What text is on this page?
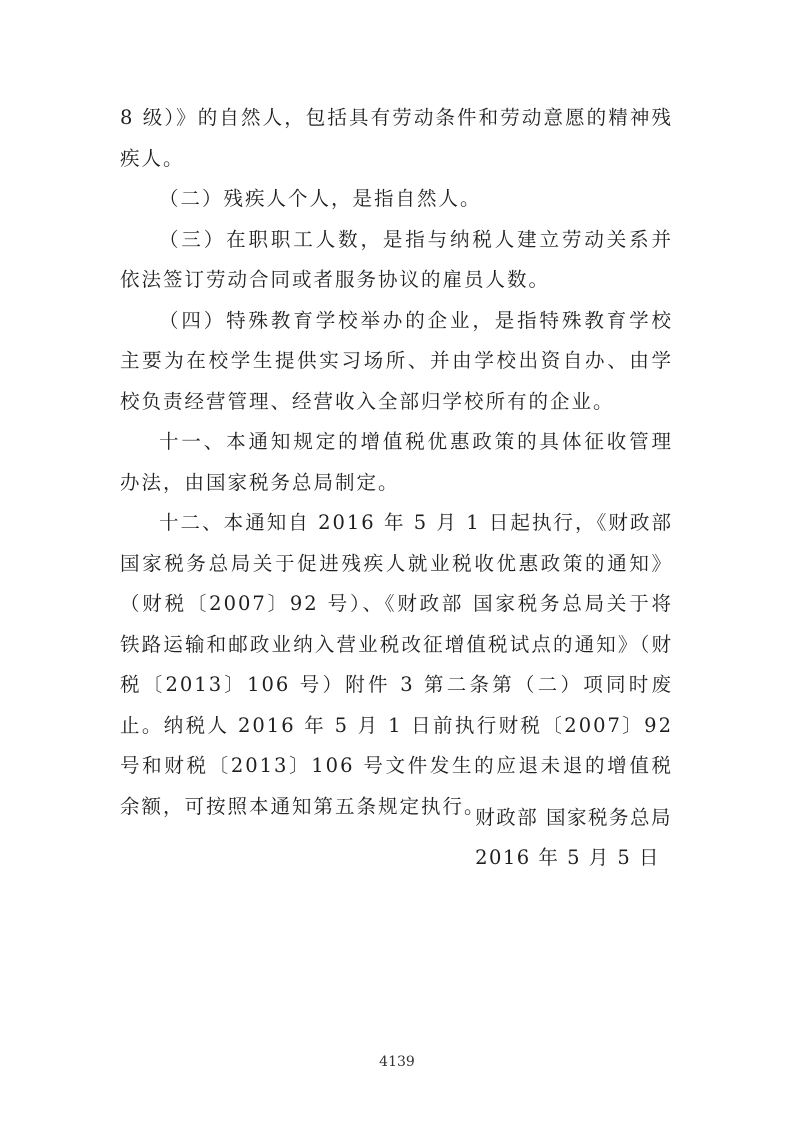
8 级）》的自然人，包括具有劳动条件和劳动意愿的精神残疾人。

（二）残疾人个人，是指自然人。

（三）在职职工人数，是指与纳税人建立劳动关系并依法签订劳动合同或者服务协议的雇员人数。

（四）特殊教育学校举办的企业，是指特殊教育学校主要为在校学生提供实习场所、并由学校出资自办、由学校负责经营管理、经营收入全部归学校所有的企业。

十一、本通知规定的增值税优惠政策的具体征收管理办法，由国家税务总局制定。

十二、本通知自 2016 年 5 月 1 日起执行，《财政部 国家税务总局关于促进残疾人就业税收优惠政策的通知》（财税〔2007〕92 号）、《财政部 国家税务总局关于将铁路运输和邮政业纳入营业税改征增值税试点的通知》（财税〔2013〕106 号）附件 3 第二条第（二）项同时废止。纳税人 2016 年 5 月 1 日前执行财税〔2007〕92 号和财税〔2013〕106 号文件发生的应退未退的增值税余额，可按照本通知第五条规定执行。

财政部 国家税务总局

2016 年 5 月 5 日

4139
